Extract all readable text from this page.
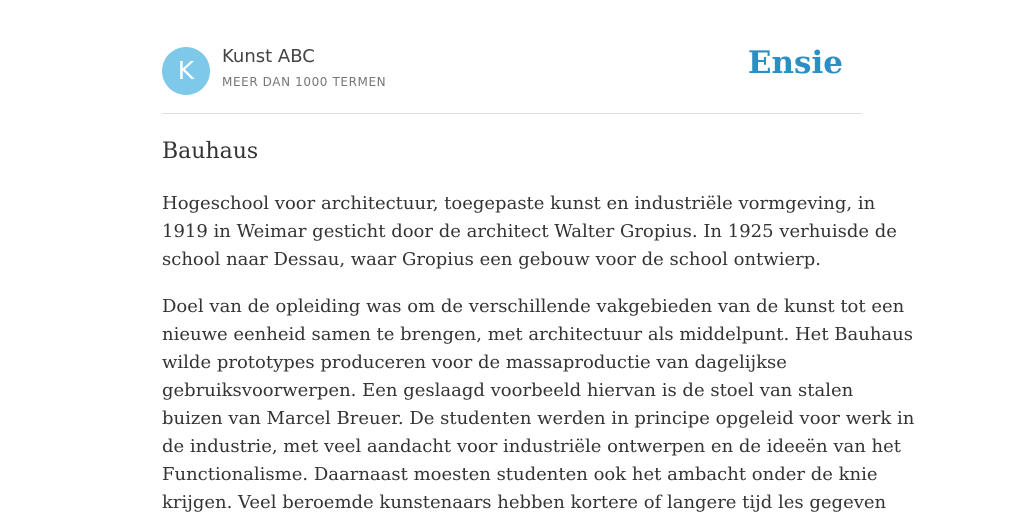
K	Kunst ABC
MEER DAN 1000 TERMEN
Ensie
Bauhaus

Hogeschool voor architectuur, toegepaste kunst en industriële vormgeving, in
1919 in Weimar gesticht door de architect Walter Gropius. In 1925 verhuisde de
school naar Dessau, waar Gropius een gebouw voor de school ontwierp.

Doel van de opleiding was om de verschillende vakgebieden van de kunst tot een
nieuwe eenheid samen te brengen, met architectuur als middelpunt. Het Bauhaus
wilde prototypes produceren voor de massaproductie van dagelijkse
gebruiksvoorwerpen. Een geslaagd voorbeeld hiervan is de stoel van stalen
buizen van Marcel Breuer. De studenten werden in principe opgeleid voor werk in
de industrie, met veel aandacht voor industriële ontwerpen en de ideeën van het
Functionalisme. Daarnaast moesten studenten ook het ambacht onder de knie
krijgen. Veel beroemde kunstenaars hebben kortere of langere tijd les gegeven
